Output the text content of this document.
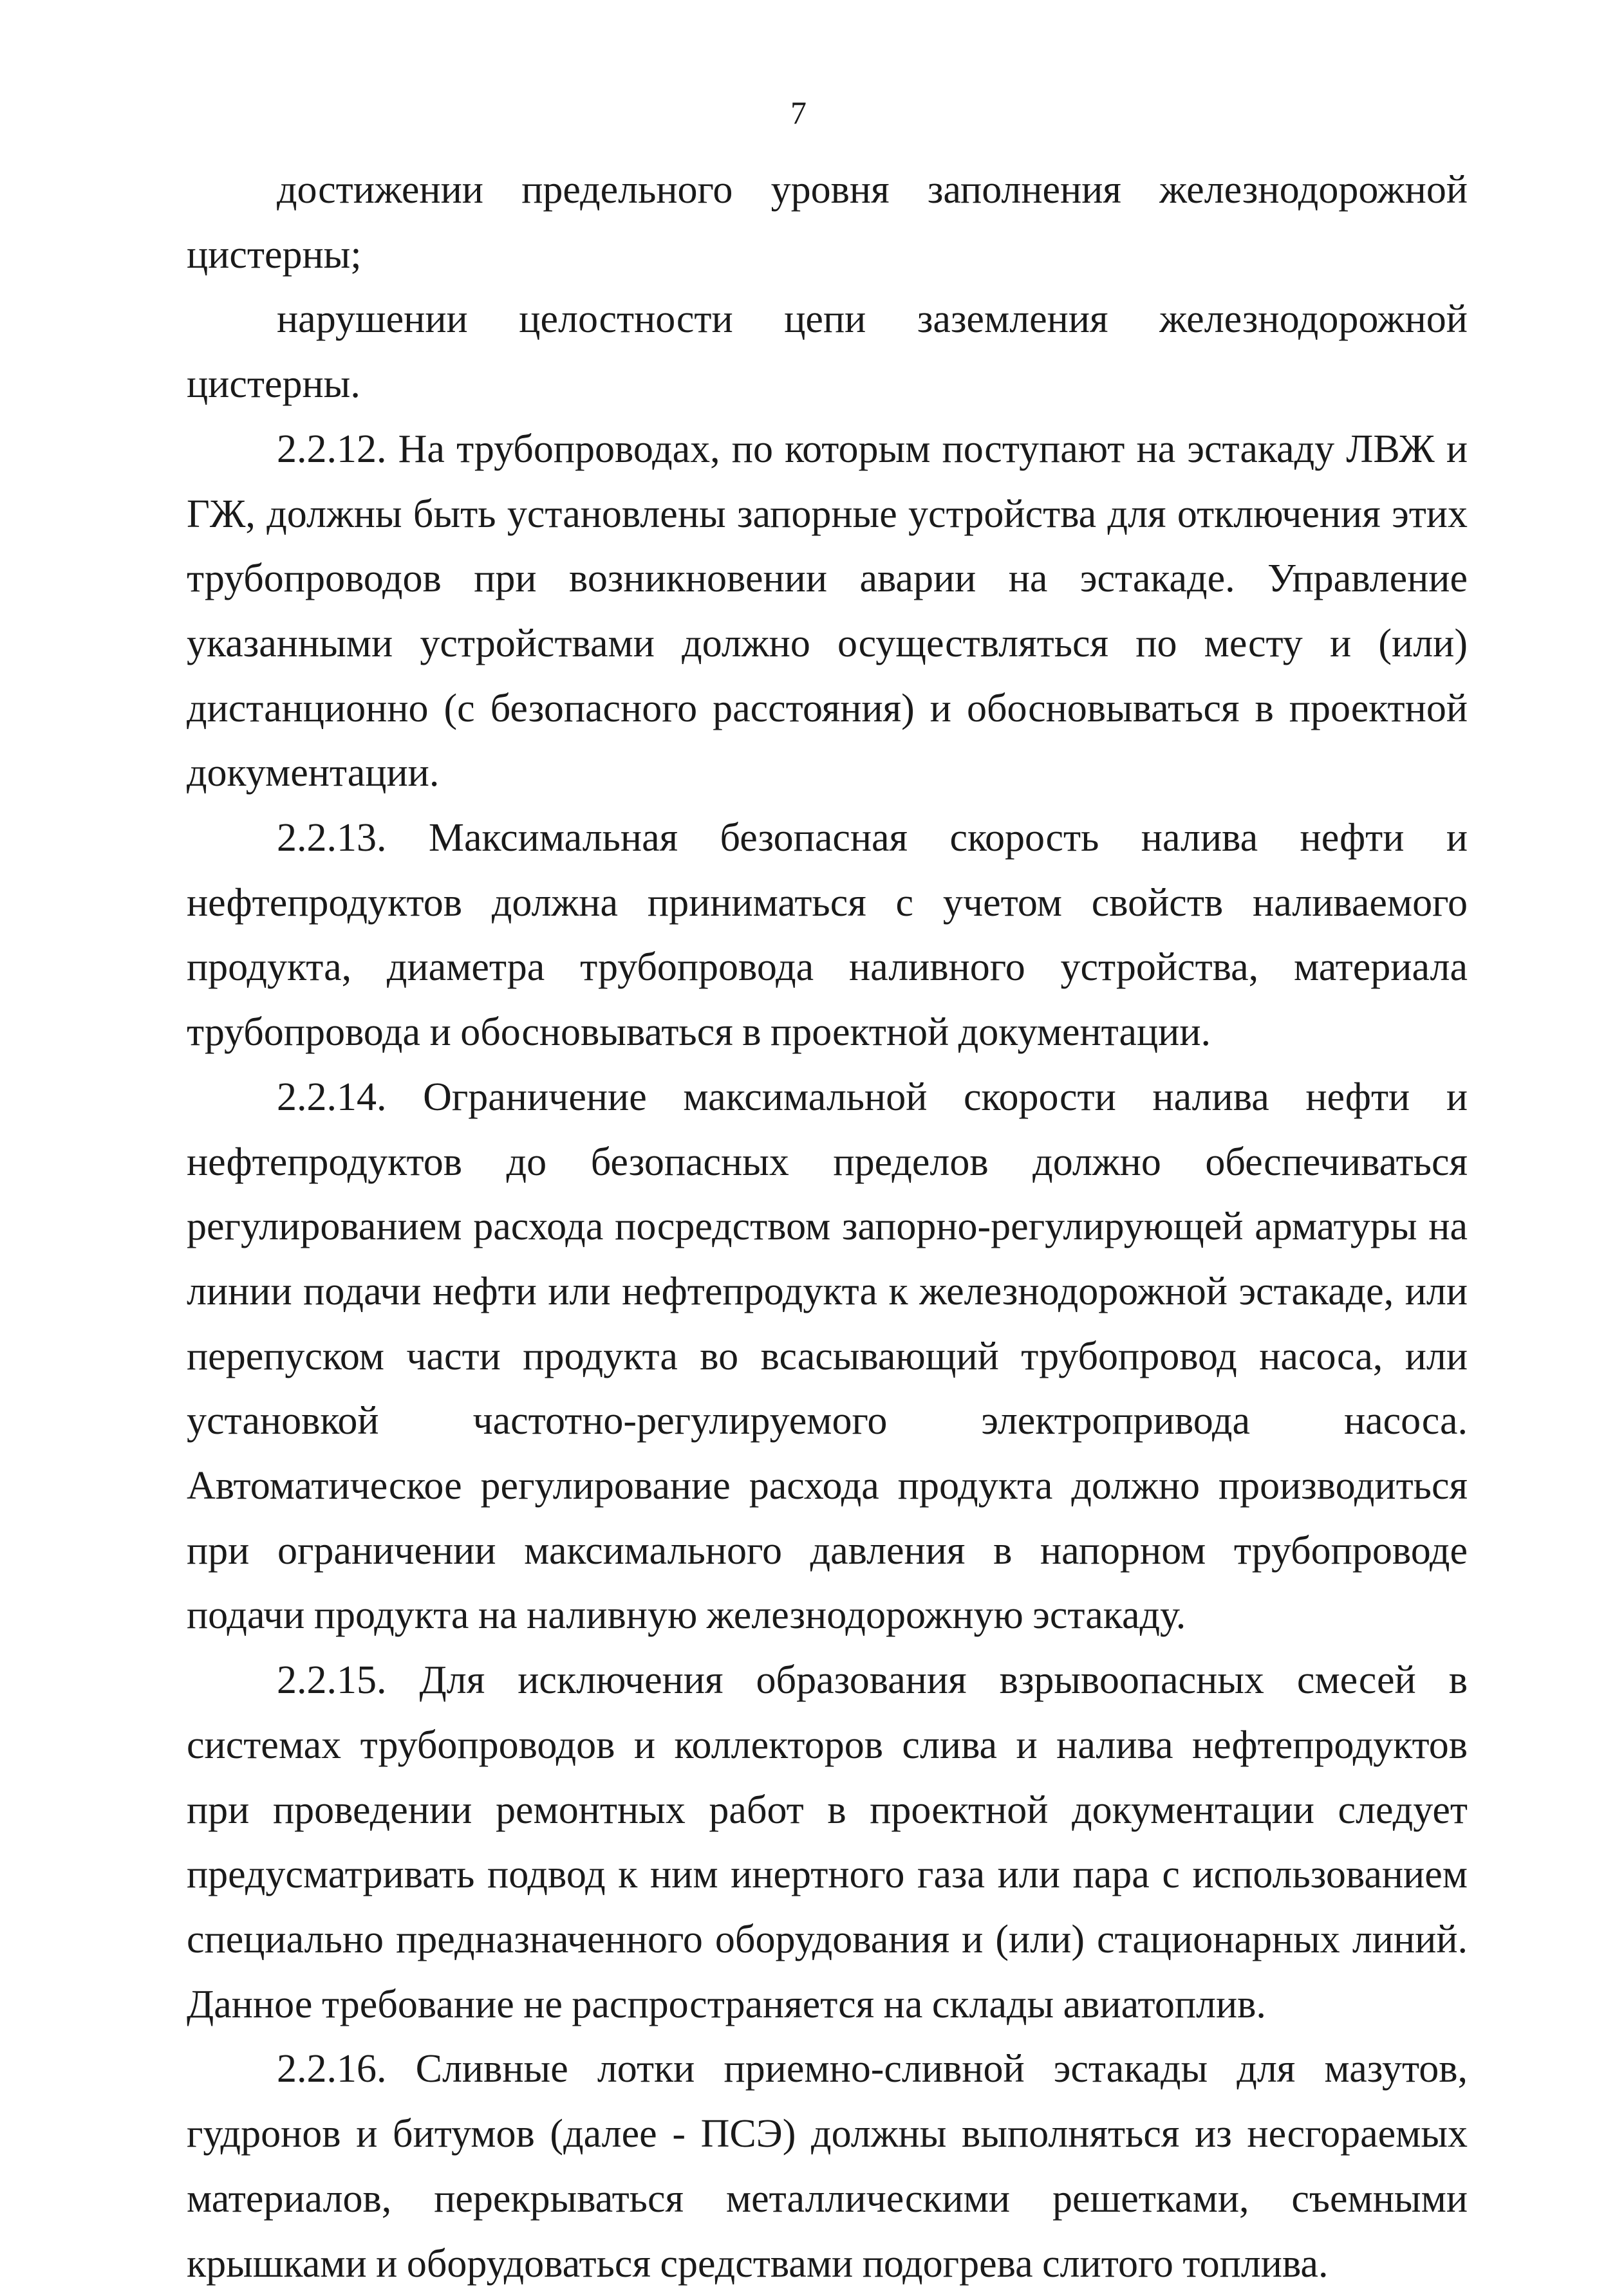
7

достижении предельного уровня заполнения железнодорожной цистерны;

нарушении целостности цепи заземления железнодорожной цистерны.

2.2.12. На трубопроводах, по которым поступают на эстакаду ЛВЖ и ГЖ, должны быть установлены запорные устройства для отключения этих трубопроводов при возникновении аварии на эстакаде. Управление указанными устройствами должно осуществляться по месту и (или) дистанционно (с безопасного расстояния) и обосновываться в проектной документации.

2.2.13. Максимальная безопасная скорость налива нефти и нефтепродуктов должна приниматься с учетом свойств наливаемого продукта, диаметра трубопровода наливного устройства, материала трубопровода и обосновываться в проектной документации.

2.2.14. Ограничение максимальной скорости налива нефти и нефтепродуктов до безопасных пределов должно обеспечиваться регулированием расхода посредством запорно-регулирующей арматуры на линии подачи нефти или нефтепродукта к железнодорожной эстакаде, или перепуском части продукта во всасывающий трубопровод насоса, или установкой частотно-регулируемого электропривода насоса. Автоматическое регулирование расхода продукта должно производиться при ограничении максимального давления в напорном трубопроводе подачи продукта на наливную железнодорожную эстакаду.

2.2.15. Для исключения образования взрывоопасных смесей в системах трубопроводов и коллекторов слива и налива нефтепродуктов при проведении ремонтных работ в проектной документации следует предусматривать подвод к ним инертного газа или пара с использованием специально предназначенного оборудования и (или) стационарных линий. Данное требование не распространяется на склады авиатоплив.

2.2.16. Сливные лотки приемно-сливной эстакады для мазутов, гудронов и битумов (далее - ПСЭ) должны выполняться из несгораемых материалов, перекрываться металлическими решетками, съемными крышками и оборудоваться средствами подогрева слитого топлива.
